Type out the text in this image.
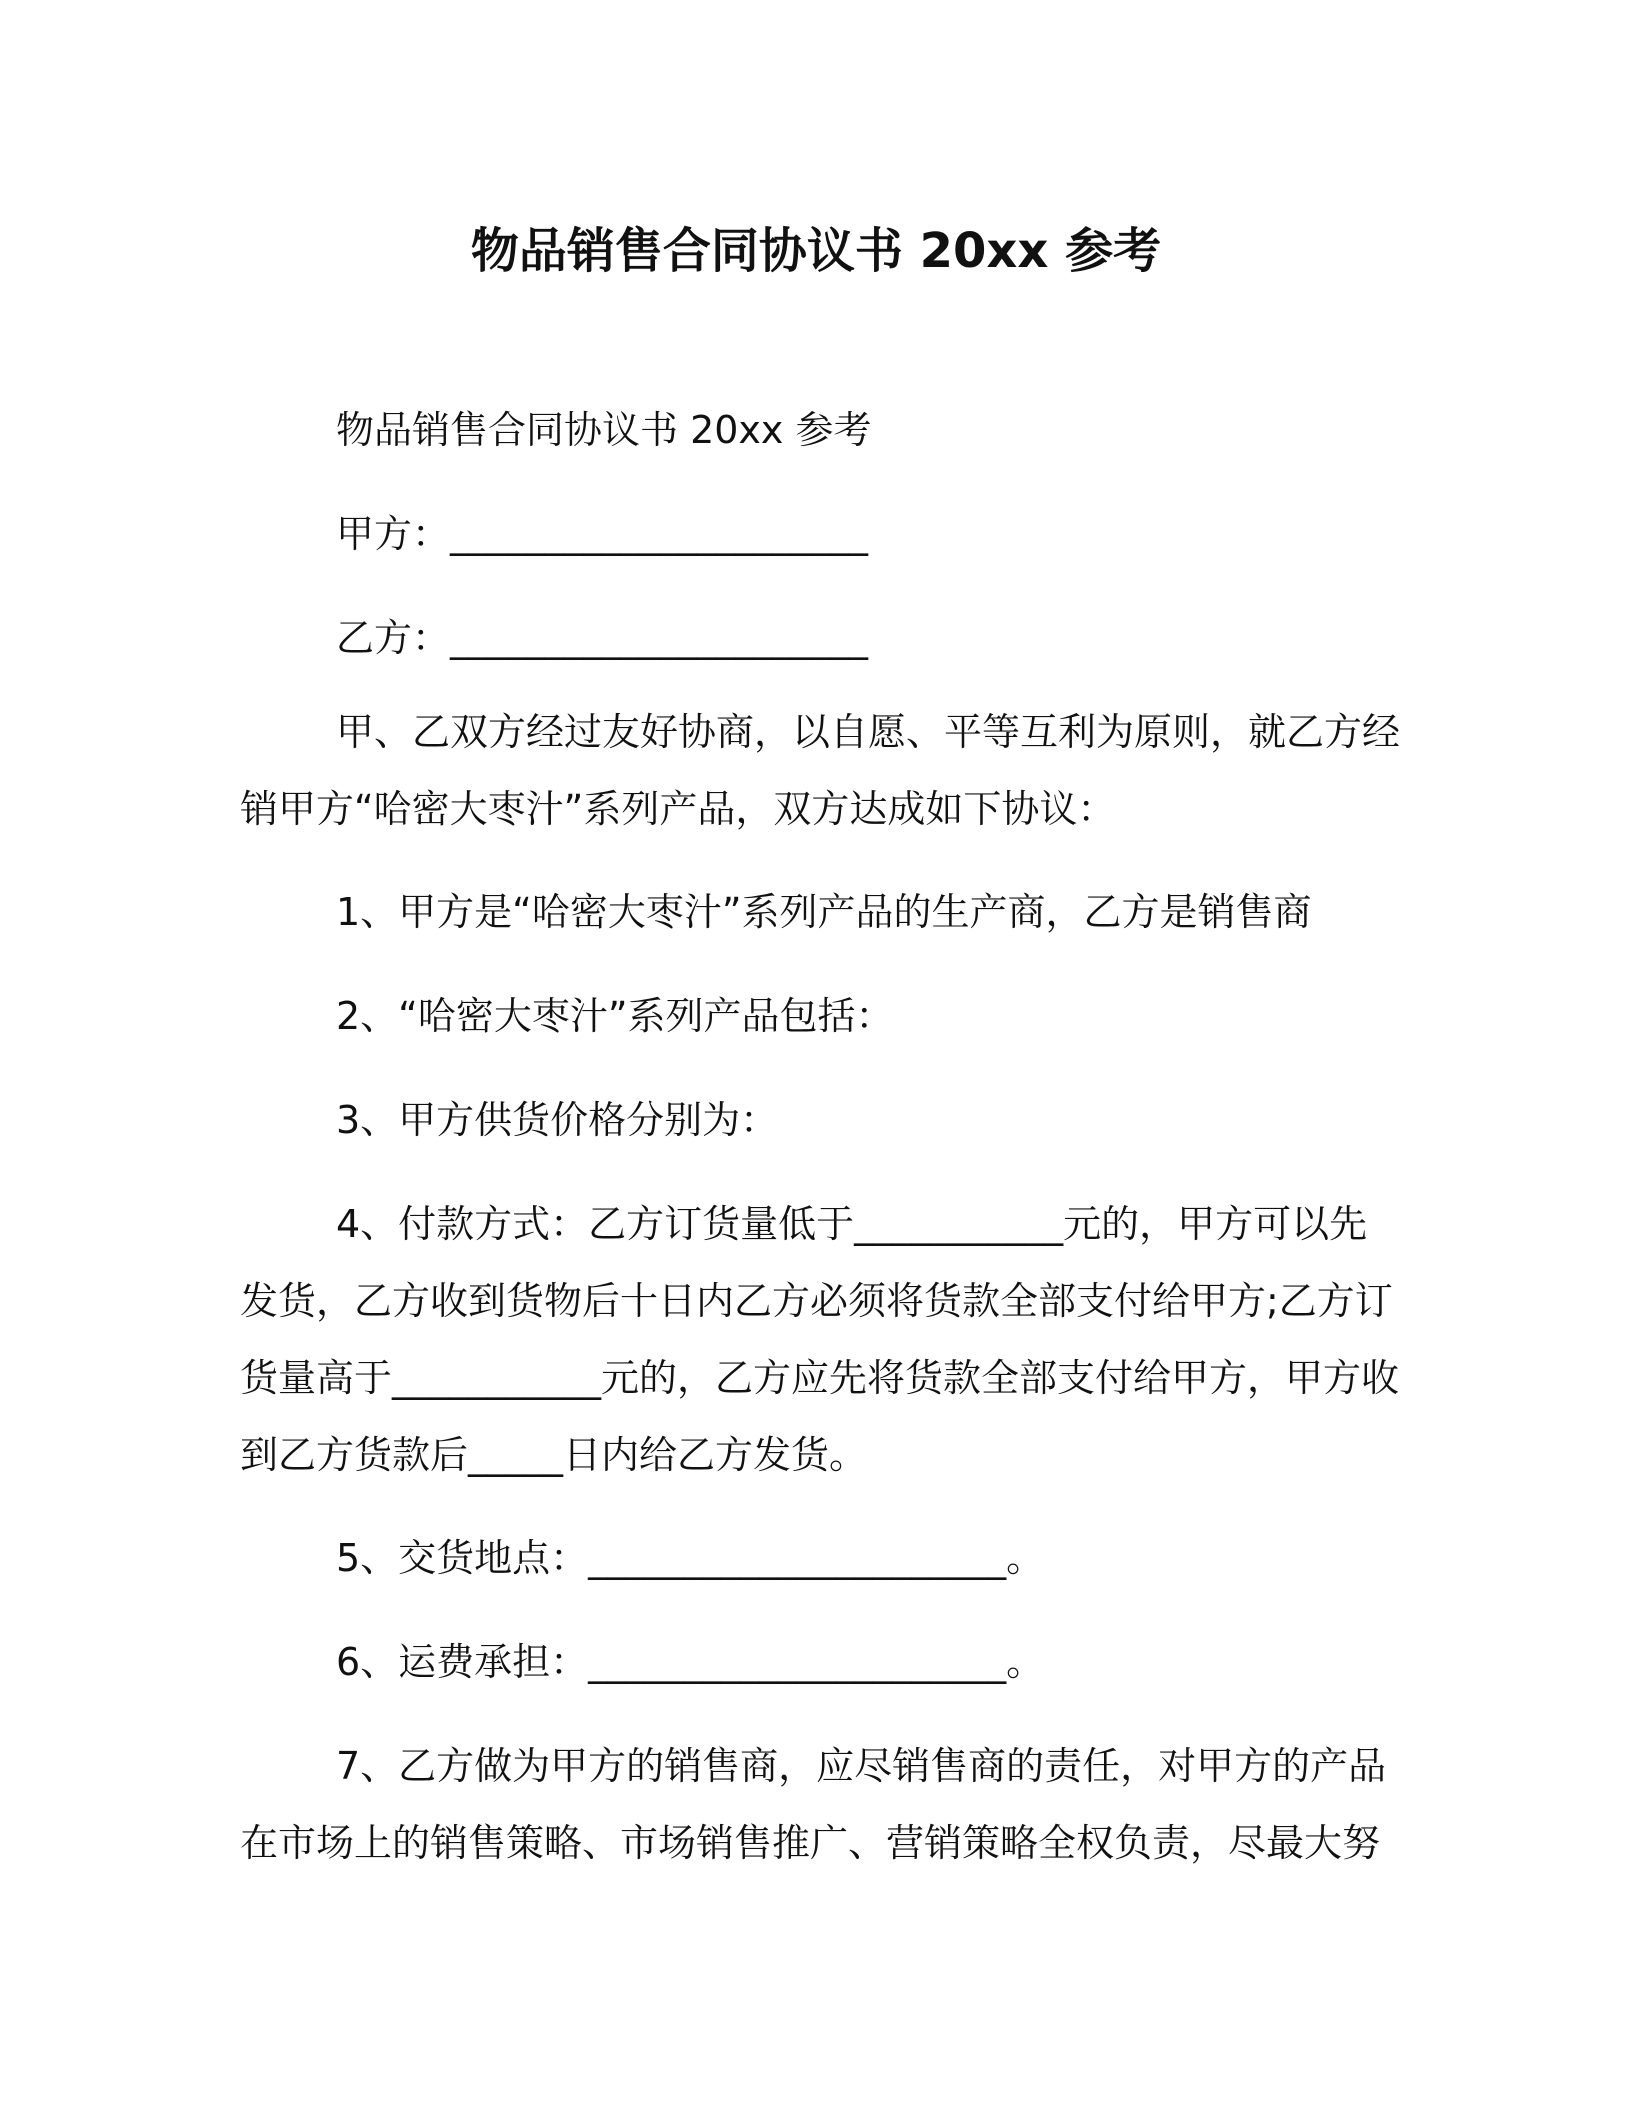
物品销售合同协议书 20xx 参考

物品销售合同协议书 20xx 参考

甲方：______________________

乙方：______________________

甲、乙双方经过友好协商，以自愿、平等互利为原则，就乙方经销甲方“哈密大枣汁”系列产品，双方达成如下协议：

1、甲方是“哈密大枣汁”系列产品的生产商，乙方是销售商

2、“哈密大枣汁”系列产品包括：

3、甲方供货价格分别为：

4、付款方式：乙方订货量低于___________元的，甲方可以先发货，乙方收到货物后十日内乙方必须将货款全部支付给甲方;乙方订货量高于___________元的，乙方应先将货款全部支付给甲方，甲方收到乙方货款后_____日内给乙方发货。

5、交货地点：______________________。

6、运费承担：______________________。

7、乙方做为甲方的销售商，应尽销售商的责任，对甲方的产品在市场上的销售策略、市场销售推广、营销策略全权负责，尽最大努
